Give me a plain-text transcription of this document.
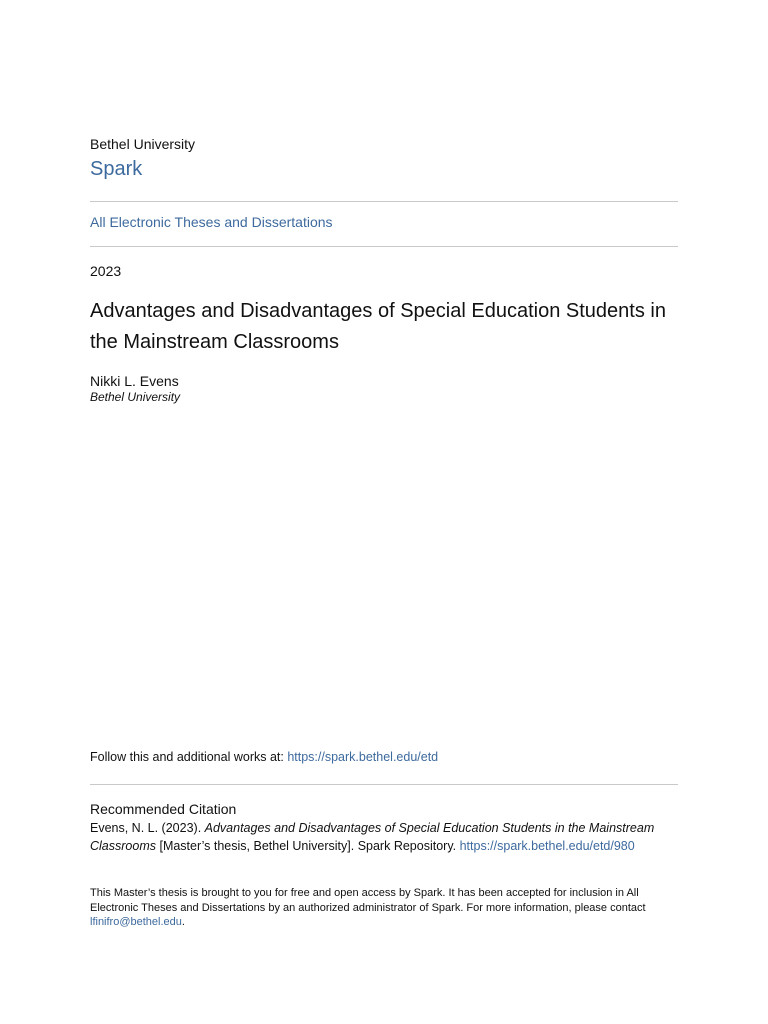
Bethel University
Spark
All Electronic Theses and Dissertations
2023
Advantages and Disadvantages of Special Education Students in the Mainstream Classrooms
Nikki L. Evens
Bethel University
Follow this and additional works at: https://spark.bethel.edu/etd
Recommended Citation
Evens, N. L. (2023). Advantages and Disadvantages of Special Education Students in the Mainstream Classrooms [Master’s thesis, Bethel University]. Spark Repository. https://spark.bethel.edu/etd/980
This Master’s thesis is brought to you for free and open access by Spark. It has been accepted for inclusion in All Electronic Theses and Dissertations by an authorized administrator of Spark. For more information, please contact lfinifro@bethel.edu.
